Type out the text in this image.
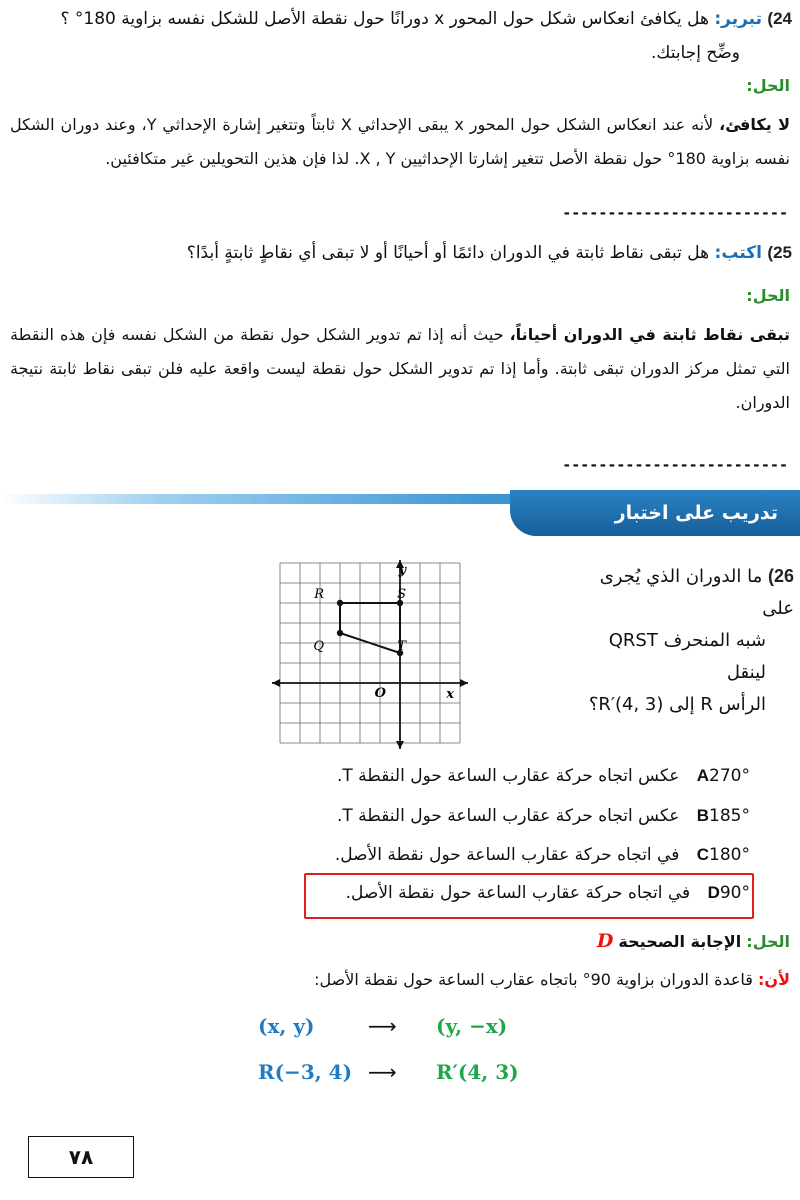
24) تبرير: هل يكافئ انعكاس شكل حول المحور x دورانًا حول نقطة الأصل للشكل نفسه بزاوية 180° ؟
وضِّح إجابتك.
الحل:
لا يكافئ، لأنه عند انعكاس الشكل حول المحور x يبقى الإحداثي X ثابتاً وتتغير إشارة الإحداثي Y، وعند دوران الشكل نفسه بزاوية 180° حول نقطة الأصل تتغير إشارتا الإحداثيين X , Y. لذا فإن هذين التحويلين غير متكافئين.
-------------------------
25) اكتب: هل تبقى نقاط ثابتة في الدوران دائمًا أو أحيانًا أو لا تبقى أي نقاطٍ ثابتةٍ أبدًا؟
الحل:
تبقى نقاط ثابتة في الدوران أحياناً، حيث أنه إذا تم تدوير الشكل حول نقطة من الشكل نفسه فإن هذه النقطة التي تمثل مركز الدوران تبقى ثابتة. وأما إذا تم تدوير الشكل حول نقطة ليست واقعة عليه فلن تبقى نقاط ثابتة نتيجة الدوران.
-------------------------
تدريب على اختبار
26) ما الدوران الذي يُجرى على
شبه المنحرف QRST لينقل
الرأس R إلى R′(4, 3)؟
R	S
Q	T
O	x
y
A270° عكس اتجاه حركة عقارب الساعة حول النقطة T.
B185° عكس اتجاه حركة عقارب الساعة حول النقطة T.
C180° في اتجاه حركة عقارب الساعة حول نقطة الأصل.
D90° في اتجاه حركة عقارب الساعة حول نقطة الأصل.
الحل: الإجابة الصحيحة D
لأن: قاعدة الدوران بزاوية 90° باتجاه عقارب الساعة حول نقطة الأصل:
(x, y)	⟶ (y, −x)
R(−3, 4) ⟶ R′(4, 3)
٧٨
